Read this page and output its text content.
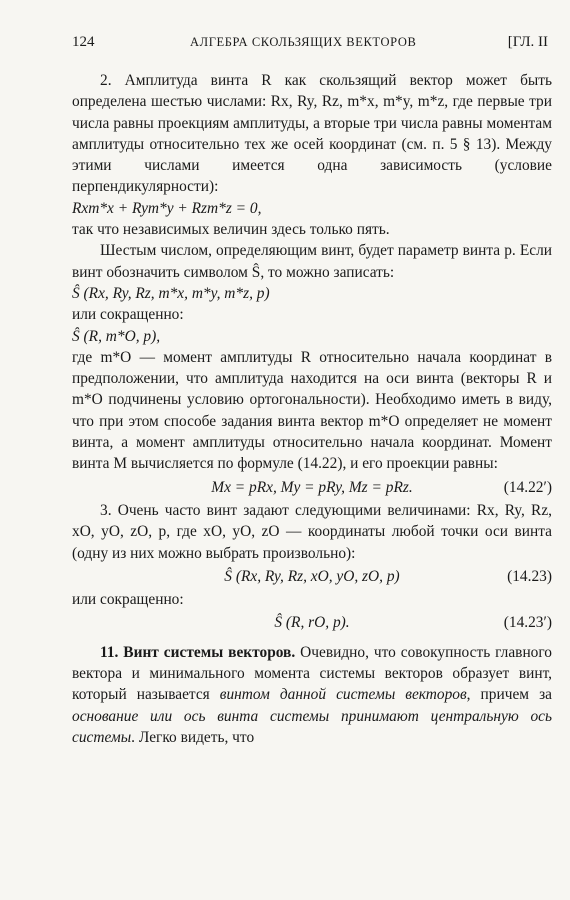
124	АЛГЕБРА СКОЛЬЗЯЩИХ ВЕКТОРОВ	[ГЛ. II

2. Амплитуда винта R как скользящий вектор может быть определена шестью числами: Rx, Ry, Rz, m*x, m*y, m*z, где первые три числа равны проекциям амплитуды, а вторые три числа равны моментам амплитуды относительно тех же осей координат (см. п. 5 § 13). Между этими числами имеется одна зависимость (условие перпендикулярности):

Rxm*x + Rym*y + Rzm*z = 0,

так что независимых величин здесь только пять.

Шестым числом, определяющим винт, будет параметр винта p. Если винт обозначить символом Ŝ, то можно записать:

Ŝ (Rx, Ry, Rz, m*x, m*y, m*z, p)

или сокращенно:

Ŝ (R, m*O, p),

где m*O — момент амплитуды R относительно начала координат в предположении, что амплитуда находится на оси винта (векторы R и m*O подчинены условию ортогональности). Необходимо иметь в виду, что при этом способе задания винта вектор m*O определяет не момент винта, а момент амплитуды относительно начала координат. Момент винта M вычисляется по формуле (14.22), и его проекции равны:

Mx = pRx, My = pRy, Mz = pRz.	(14.22′)

3. Очень часто винт задают следующими величинами: Rx, Ry, Rz, xO, yO, zO, p, где xO, yO, zO — координаты любой точки оси винта (одну из них можно выбрать произвольно):

Ŝ (Rx, Ry, Rz, xO, yO, zO, p)	(14.23)

или сокращенно:

Ŝ (R, rO, p).	(14.23′)

11. Винт системы векторов. Очевидно, что совокупность главного вектора и минимального момента системы векторов образует винт, который называется винтом данной системы векторов, причем за основание или ось винта системы принимают центральную ось системы. Легко видеть, что
